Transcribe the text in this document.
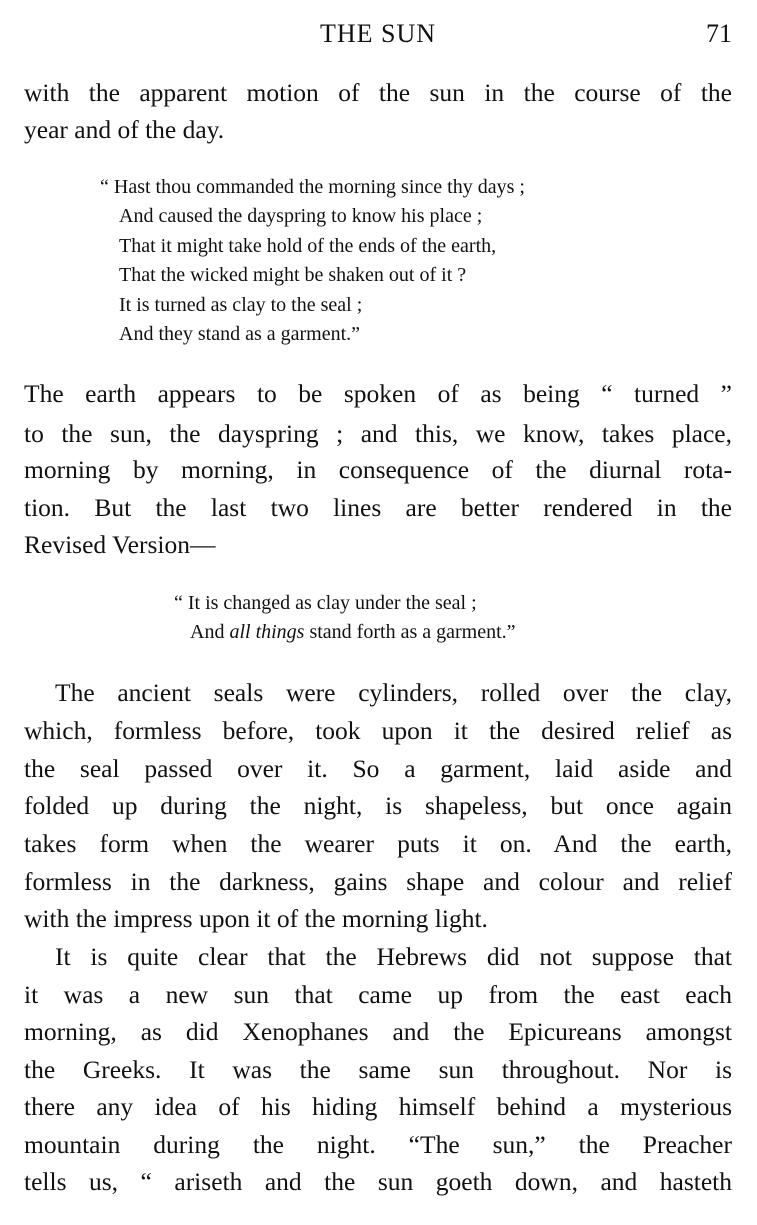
THE SUN	71
with the apparent motion of the sun in the course of the
year and of the day.
“ Hast thou commanded the morning since thy days ;
And caused the dayspring to know his place ;
That it might take hold of the ends of the earth,
That the wicked might be shaken out of it ?
It is turned as clay to the seal ;
And they stand as a garment.”
The earth appears to be spoken of as being “ turned ”
to the sun, the dayspring ; and this, we know, takes place,
morning by morning, in consequence of the diurnal rota-
tion. But the last two lines are better rendered in the
Revised Version—
“ It is changed as clay under the seal ;
And all things stand forth as a garment.”
The ancient seals were cylinders, rolled over the clay,
which, formless before, took upon it the desired relief as
the seal passed over it. So a garment, laid aside and
folded up during the night, is shapeless, but once again
takes form when the wearer puts it on. And the earth,
formless in the darkness, gains shape and colour and relief
with the impress upon it of the morning light.
It is quite clear that the Hebrews did not suppose that
it was a new sun that came up from the east each
morning, as did Xenophanes and the Epicureans amongst
the Greeks. It was the same sun throughout. Nor is
there any idea of his hiding himself behind a mysterious
mountain during the night. “The sun,” the Preacher
tells us, “ ariseth and the sun goeth down, and hasteth
